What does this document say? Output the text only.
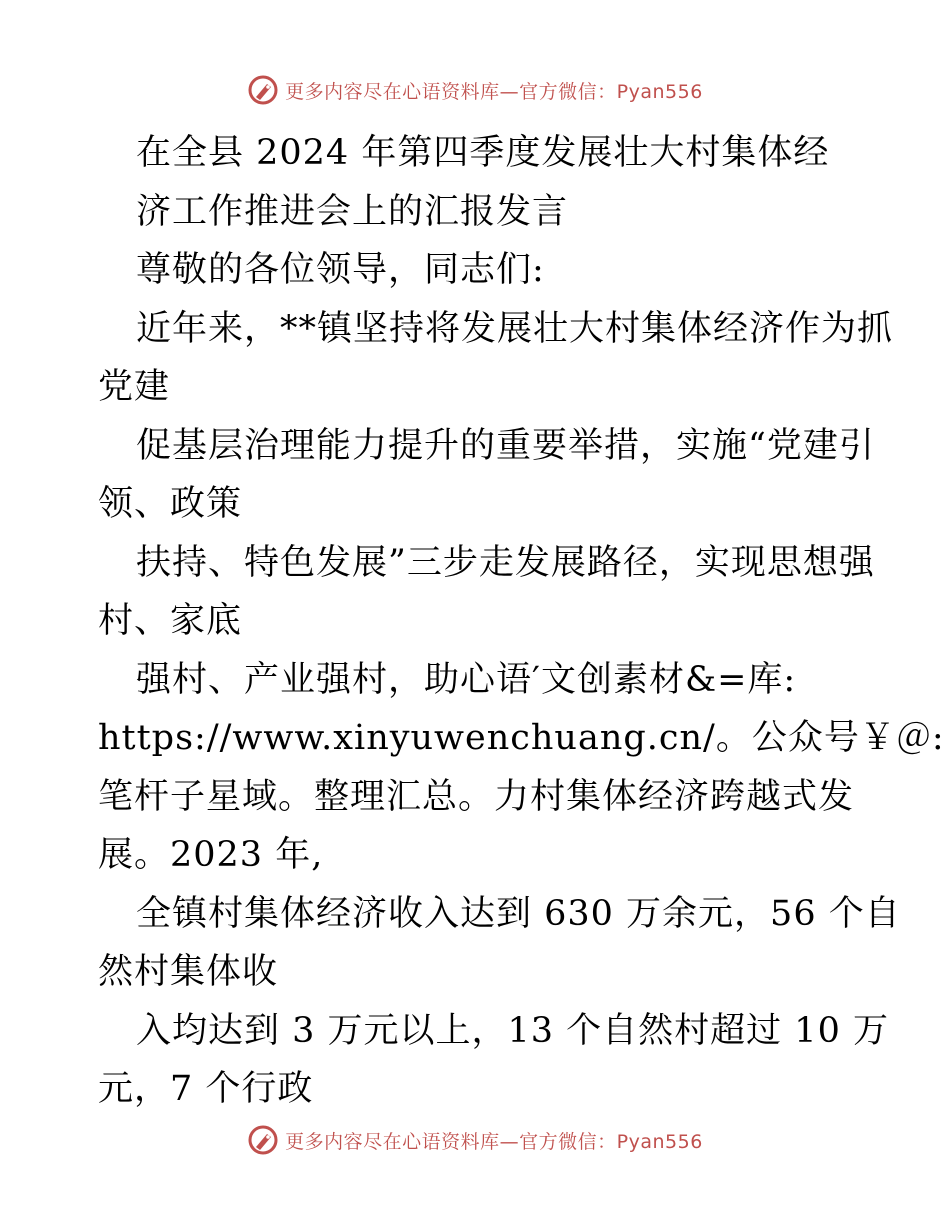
更多内容尽在心语资料库—官方微信：Pyan556
在全县 2024 年第四季度发展壮大村集体经
济工作推进会上的汇报发言
尊敬的各位领导，同志们:
近年来，**镇坚持将发展壮大村集体经济作为抓
党建
促基层治理能力提升的重要举措，实施“党建引
领、政策
扶持、特色发展”三步走发展路径，实现思想强
村、家底
强村、产业强村，助心语′文创素材&=库:
https://www.xinyuwenchuang.cn/。公众号￥＠:
笔杆子星域。整理汇总。力村集体经济跨越式发
展。2023 年,
全镇村集体经济收入达到 630 万余元，56 个自
然村集体收
入均达到 3 万元以上，13 个自然村超过 10 万
元，7 个行政
更多内容尽在心语资料库—官方微信：Pyan556
